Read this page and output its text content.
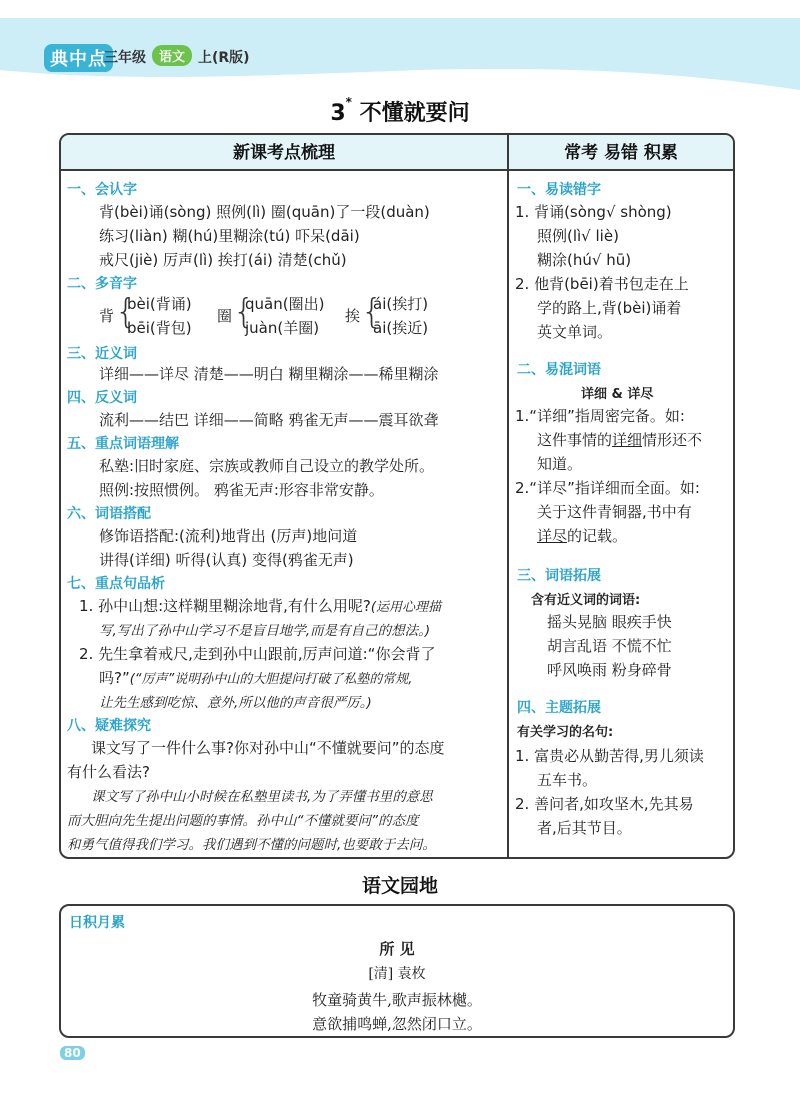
典中点
三年级	语文 上(R版)
3* 不懂就要问
新课考点梳理	常考 易错 积累
一、会认字
背(bèi)诵(sòng) 照例(lì) 圈(quān)了一段(duàn)
练习(liàn) 糊(hú)里糊涂(tú) 吓呆(dāi)
戒尺(jiè) 厉声(lì) 挨打(ái) 清楚(chǔ)
二、多音字
背 {
bèi(背诵)
bēi(背包)
圈 {
quān(圈出)
juàn(羊圈)
挨 {
ái(挨打)
āi(挨近)
三、近义词
详细——详尽 清楚——明白 糊里糊涂——稀里糊涂
四、反义词
流利——结巴 详细——简略 鸦雀无声——震耳欲聋
五、重点词语理解
私塾:旧时家庭、宗族或教师自己设立的教学处所。
照例:按照惯例。 鸦雀无声:形容非常安静。
六、词语搭配
修饰语搭配:(流利)地背出 (厉声)地问道
讲得(详细) 听得(认真) 变得(鸦雀无声)
七、重点句品析
1. 孙中山想:这样糊里糊涂地背,有什么用呢?(运用心理描
写,写出了孙中山学习不是盲目地学,而是有自己的想法。)
2. 先生拿着戒尺,走到孙中山跟前,厉声问道:“你会背了
吗?”(“厉声”说明孙中山的大胆提问打破了私塾的常规,
让先生感到吃惊、意外,所以他的声音很严厉。)
八、疑难探究
课文写了一件什么事?你对孙中山“不懂就要问”的态度
有什么看法?
课文写了孙中山小时候在私塾里读书,为了弄懂书里的意思
而大胆向先生提出问题的事情。孙中山“不懂就要问”的态度
和勇气值得我们学习。我们遇到不懂的问题时,也要敢于去问。
一、易读错字
1. 背诵(sòng√ shòng)
照例(lì√ liè)
糊涂(hú√ hū)
2. 他背(bēi)着书包走在上
学的路上,背(bèi)诵着
英文单词。
二、易混词语
详细 & 详尽
1.“详细”指周密完备。如:
这件事情的详细情形还不
知道。
2.“详尽”指详细而全面。如:
关于这件青铜器,书中有
详尽的记载。
三、词语拓展
含有近义词的词语:
摇头晃脑 眼疾手快
胡言乱语 不慌不忙
呼风唤雨 粉身碎骨
四、主题拓展
有关学习的名句:
1. 富贵必从勤苦得,男儿须读
五车书。
2. 善问者,如攻坚木,先其易
者,后其节目。
语文园地
日积月累
所 见
[清] 袁枚
牧童骑黄牛,歌声振林樾。
意欲捕鸣蝉,忽然闭口立。
80
